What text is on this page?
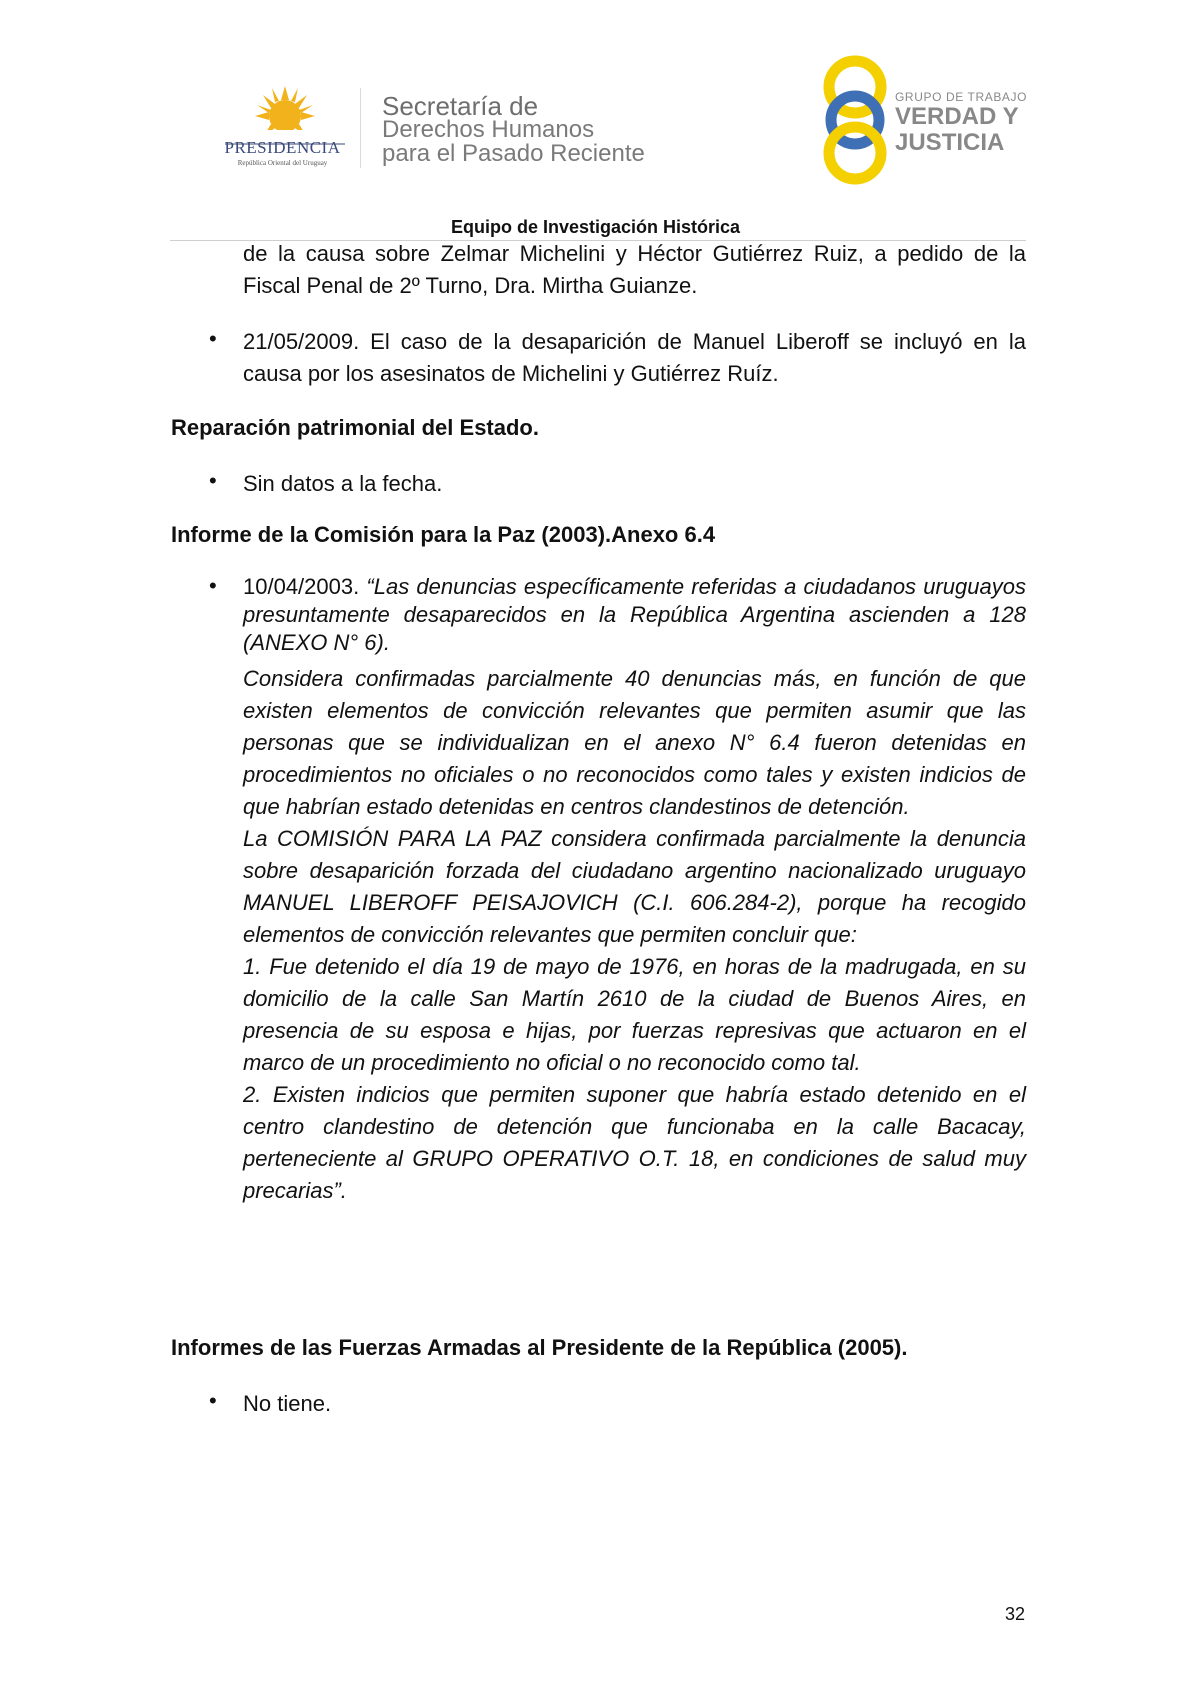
PRESIDENCIA
República Oriental del Uruguay
Secretaría de
Derechos Humanos
para el Pasado Reciente
GRUPO DE TRABAJO
VERDAD Y
JUSTICIA
Equipo de Investigación Histórica
de la causa sobre Zelmar Michelini y Héctor Gutiérrez Ruiz, a pedido de la Fiscal Penal de 2º Turno, Dra. Mirtha Guianze.
• 21/05/2009. El caso de la desaparición de Manuel Liberoff se incluyó en la causa por los asesinatos de Michelini y Gutiérrez Ruíz.
Reparación patrimonial del Estado.
• Sin datos a la fecha.
Informe de la Comisión para la Paz (2003).Anexo 6.4
• 10/04/2003. “Las denuncias específicamente referidas a ciudadanos uruguayos presuntamente desaparecidos en la República Argentina ascienden a 128 (ANEXO N° 6).

Considera confirmadas parcialmente 40 denuncias más, en función de que existen elementos de convicción relevantes que permiten asumir que las personas que se individualizan en el anexo N° 6.4 fueron detenidas en procedimientos no oficiales o no reconocidos como tales y existen indicios de que habrían estado detenidas en centros clandestinos de detención.

La COMISIÓN PARA LA PAZ considera confirmada parcialmente la denuncia sobre desaparición forzada del ciudadano argentino nacionalizado uruguayo MANUEL LIBEROFF PEISAJOVICH (C.I. 606.284-2), porque ha recogido elementos de convicción relevantes que permiten concluir que:

1. Fue detenido el día 19 de mayo de 1976, en horas de la madrugada, en su domicilio de la calle San Martín 2610 de la ciudad de Buenos Aires, en presencia de su esposa e hijas, por fuerzas represivas que actuaron en el marco de un procedimiento no oficial o no reconocido como tal.

2. Existen indicios que permiten suponer que habría estado detenido en el centro clandestino de detención que funcionaba en la calle Bacacay, perteneciente al GRUPO OPERATIVO O.T. 18, en condiciones de salud muy precarias”.

Informes de las Fuerzas Armadas al Presidente de la República (2005).
• No tiene.
32
